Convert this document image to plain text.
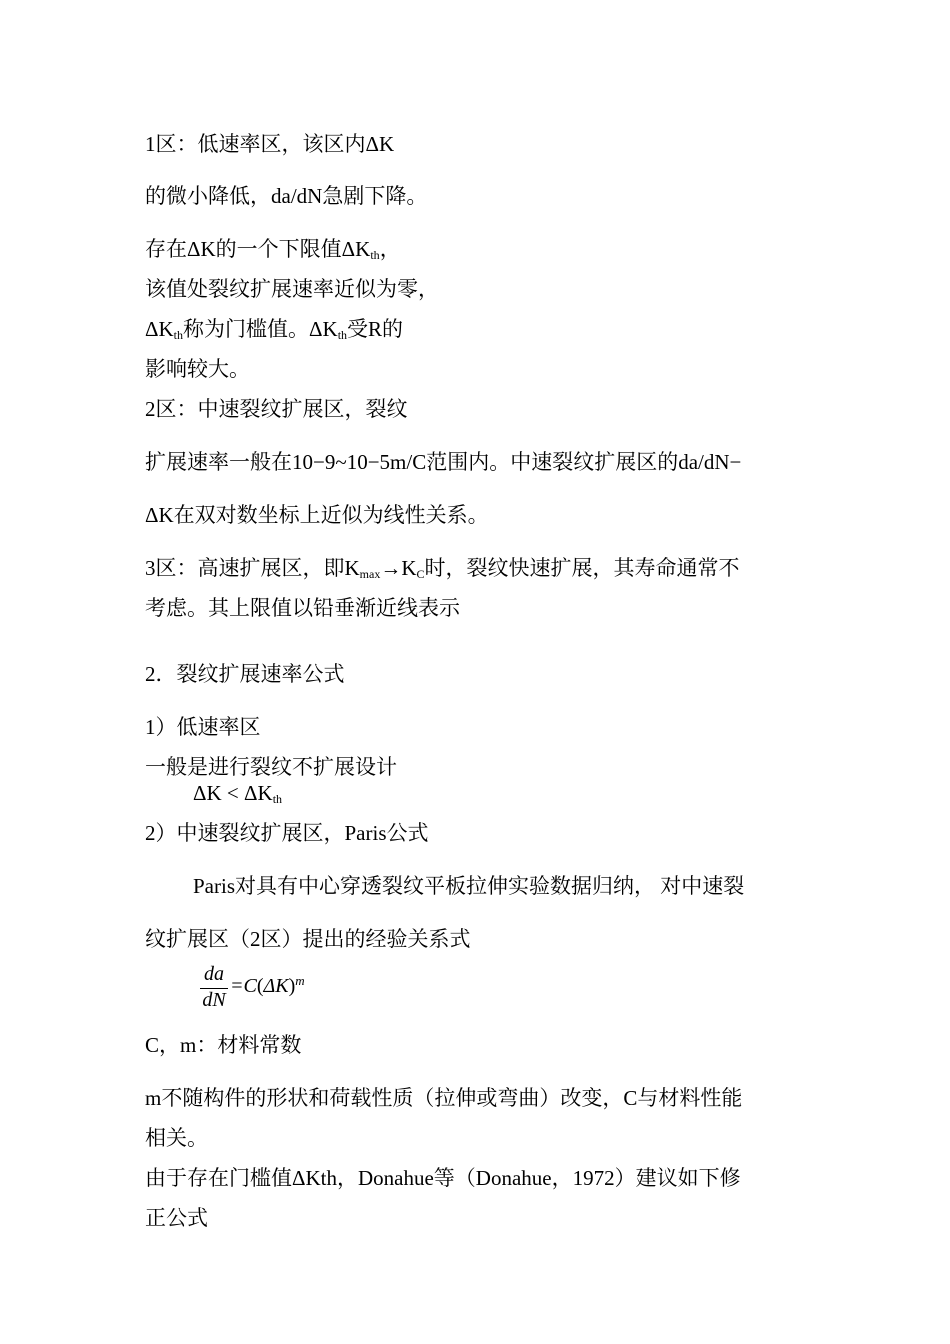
1区：低速率区，该区内ΔK
的微小降低，da/dN急剧下降。
存在ΔK的一个下限值$\Delta K_{th}$，
该值处裂纹扩展速率近似为零，
$\Delta K_{th}$称为门槛值。$\Delta K_{th}$受R的
影响较大。
2区：中速裂纹扩展区，裂纹
扩展速率一般在10−9~10−5m/C范围内。中速裂纹扩展区的da/dN−
ΔK在双对数坐标上近似为线性关系。
3区：高速扩展区，即$K_{max}\to K_C$时，裂纹快速扩展，其寿命通常不
考虑。其上限值以铅垂渐近线表示
2．裂纹扩展速率公式
1）低速率区
一般是进行裂纹不扩展设计
$\Delta K < \Delta K_{th}$
2）中速裂纹扩展区，Paris公式
Paris对具有中心穿透裂纹平板拉伸实验数据归纳， 对中速裂
纹扩展区（2区）提出的经验关系式
da
dN
$=C(\Delta K)^m$
C，m：材料常数
m不随构件的形状和荷载性质（拉伸或弯曲）改变，C与材料性能
相关。
由于存在门槛值ΔKth，Donahue等（Donahue，1972）建议如下修
正公式
